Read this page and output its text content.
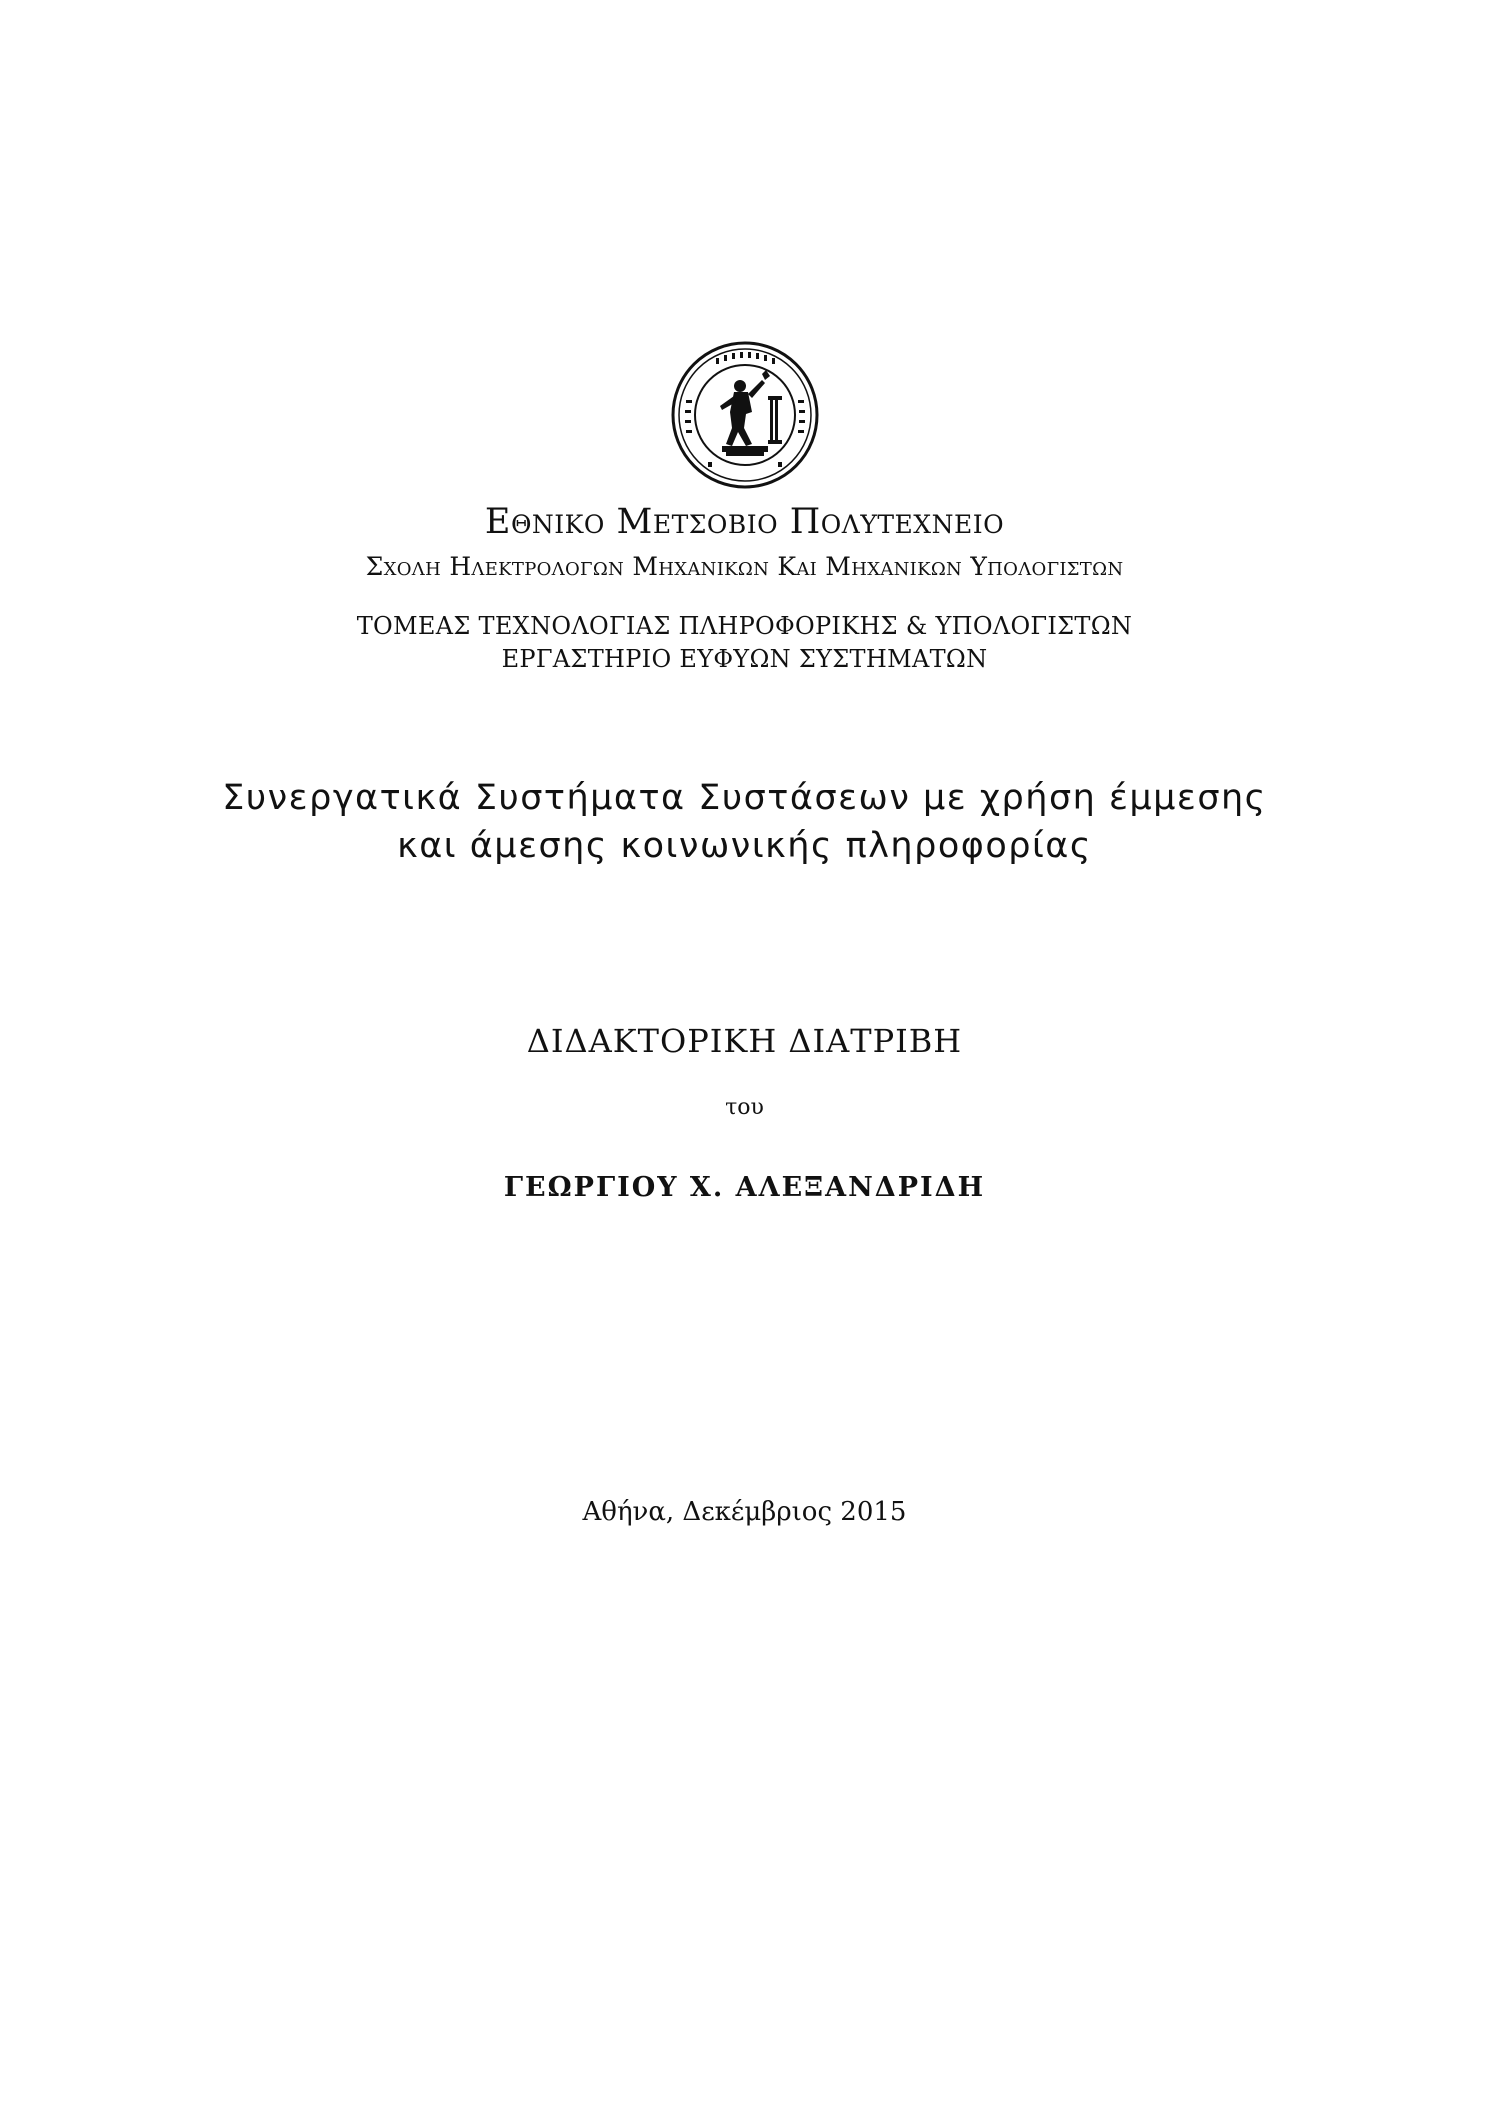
Εθνικο Μετσοβιο Πολυτεχνειο
Σχολη Ηλεκτρολογων Μηχανικων Και Μηχανικων Υπολογιστων
ΤΟΜΕΑΣ ΤΕΧΝΟΛΟΓΙΑΣ ΠΛΗΡΟΦΟΡΙΚΗΣ & ΥΠΟΛΟΓΙΣΤΩΝ
ΕΡΓΑΣΤΗΡΙΟ ΕΥΦΥΩΝ ΣΥΣΤΗΜΑΤΩΝ
Συνεργατικά Συστήματα Συστάσεων με χρήση έμμεσης
και άμεσης κοινωνικής πληροφορίας
ΔΙΔΑΚΤΟΡΙΚΗ ΔΙΑΤΡΙΒΗ
του
ΓΕΩΡΓΙΟΥ Χ. ΑΛΕΞΑΝΔΡΙΔΗ
Αθήνα, Δεκέμβριος 2015
